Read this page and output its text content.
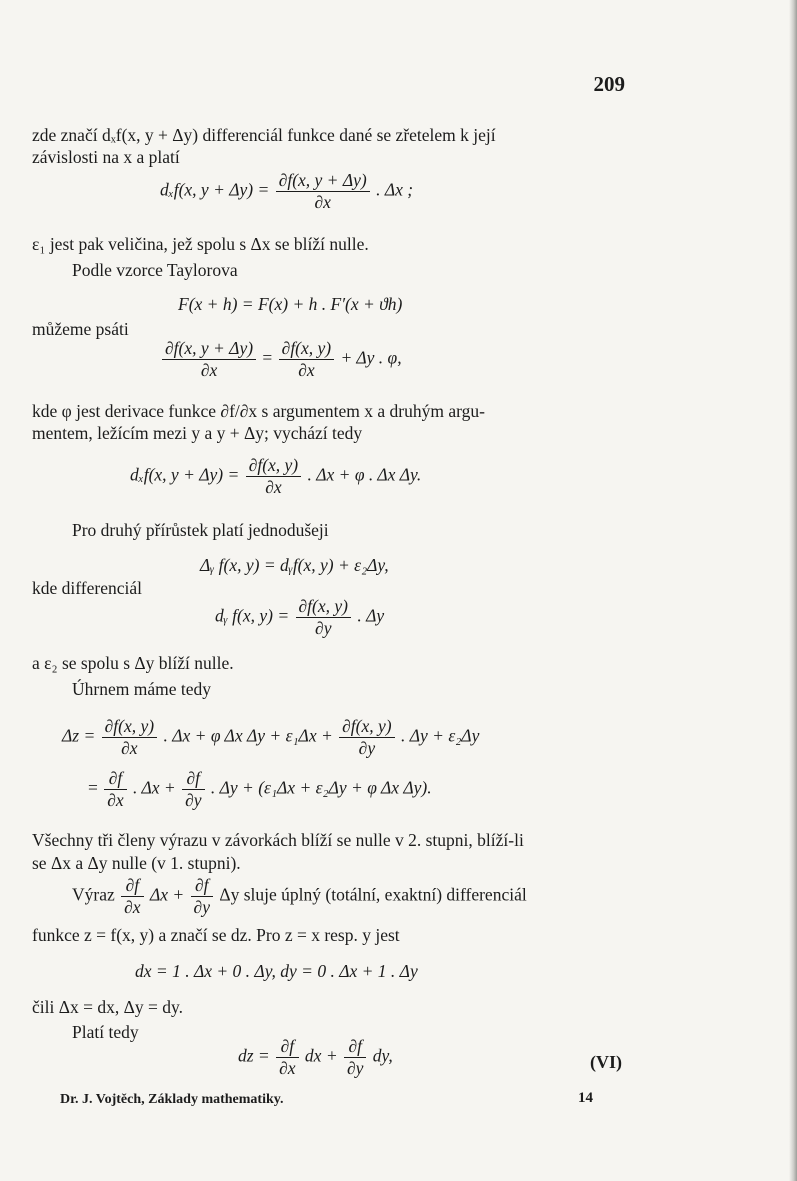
209
zde značí dₓf(x, y + Δy) differenciál funkce dané se zřetelem k její
závislosti na x a platí
dₓf(x, $y + \Delta y) = \frac{\partial f(x, y + \Delta y)}{\partial x}$ . Δx ;
ε₁ jest pak veličina, jež spolu s Δx se blíží nulle.
Podle vzorce Taylorova
F(x + h) = F(x) + h . F′(x + ϑh)
můžeme psáti
$\frac{\partial f(x, y + \Delta y)}{\partial x} = \frac{\partial f(x, y)}{\partial x} + \Delta y$ . φ,
kde φ jest derivace funkce ∂f/∂x s argumentem x a druhým argu-
mentem, ležícím mezi y a y + Δy; vychází tedy
dₓf(x, $y + \Delta y) = \frac{\partial f(x, y)}{\partial x}$ . Δx + φ . Δx Δy.
Pro druhý přírůstek platí jednodušeji
Δᵧ f(x, y) = dᵧf(x, y) + ε₂Δy,
kde differenciál
dᵧ f(x, $y) = \frac{\partial f(x, y)}{\partial y}$ . Δy
a ε₂ se spolu s Δy blíží nulle.
Úhrnem máme tedy
$\Delta z = \frac{\partial f(x, y)}{\partial x}$ . Δx + φ Δx $\Delta y + \varepsilon_1\Delta x + \frac{\partial f(x, y)}{\partial y}$ . Δy + ε₂Δy
= $\frac{\partial f}{\partial x}$ . $\Delta x + \frac{\partial f}{\partial y}$ . Δy + (ε₁Δx + ε₂Δy + φ Δx Δy).
Všechny tři členy výrazu v závorkách blíží se nulle v 2. stupni, blíží-li
se Δx a Δy nulle (v 1. stupni).
Výraz $\frac{\partial f}{\partial x}$ $\Delta x + \frac{\partial f}{\partial y}$ Δy sluje úplný (totální, exaktní) differenciál
funkce z = f(x, y) a značí se dz. Pro z = x resp. y jest
dx = 1 . Δx + 0 . Δy, dy = 0 . Δx + 1 . Δy
čili Δx = dx, Δy = dy.
Platí tedy
dz = $\frac{\partial f}{\partial x}$ dx + $\frac{\partial f}{\partial y}$ dy,	(VI)
Dr. J. Vojtěch, Základy mathematiky.	14
